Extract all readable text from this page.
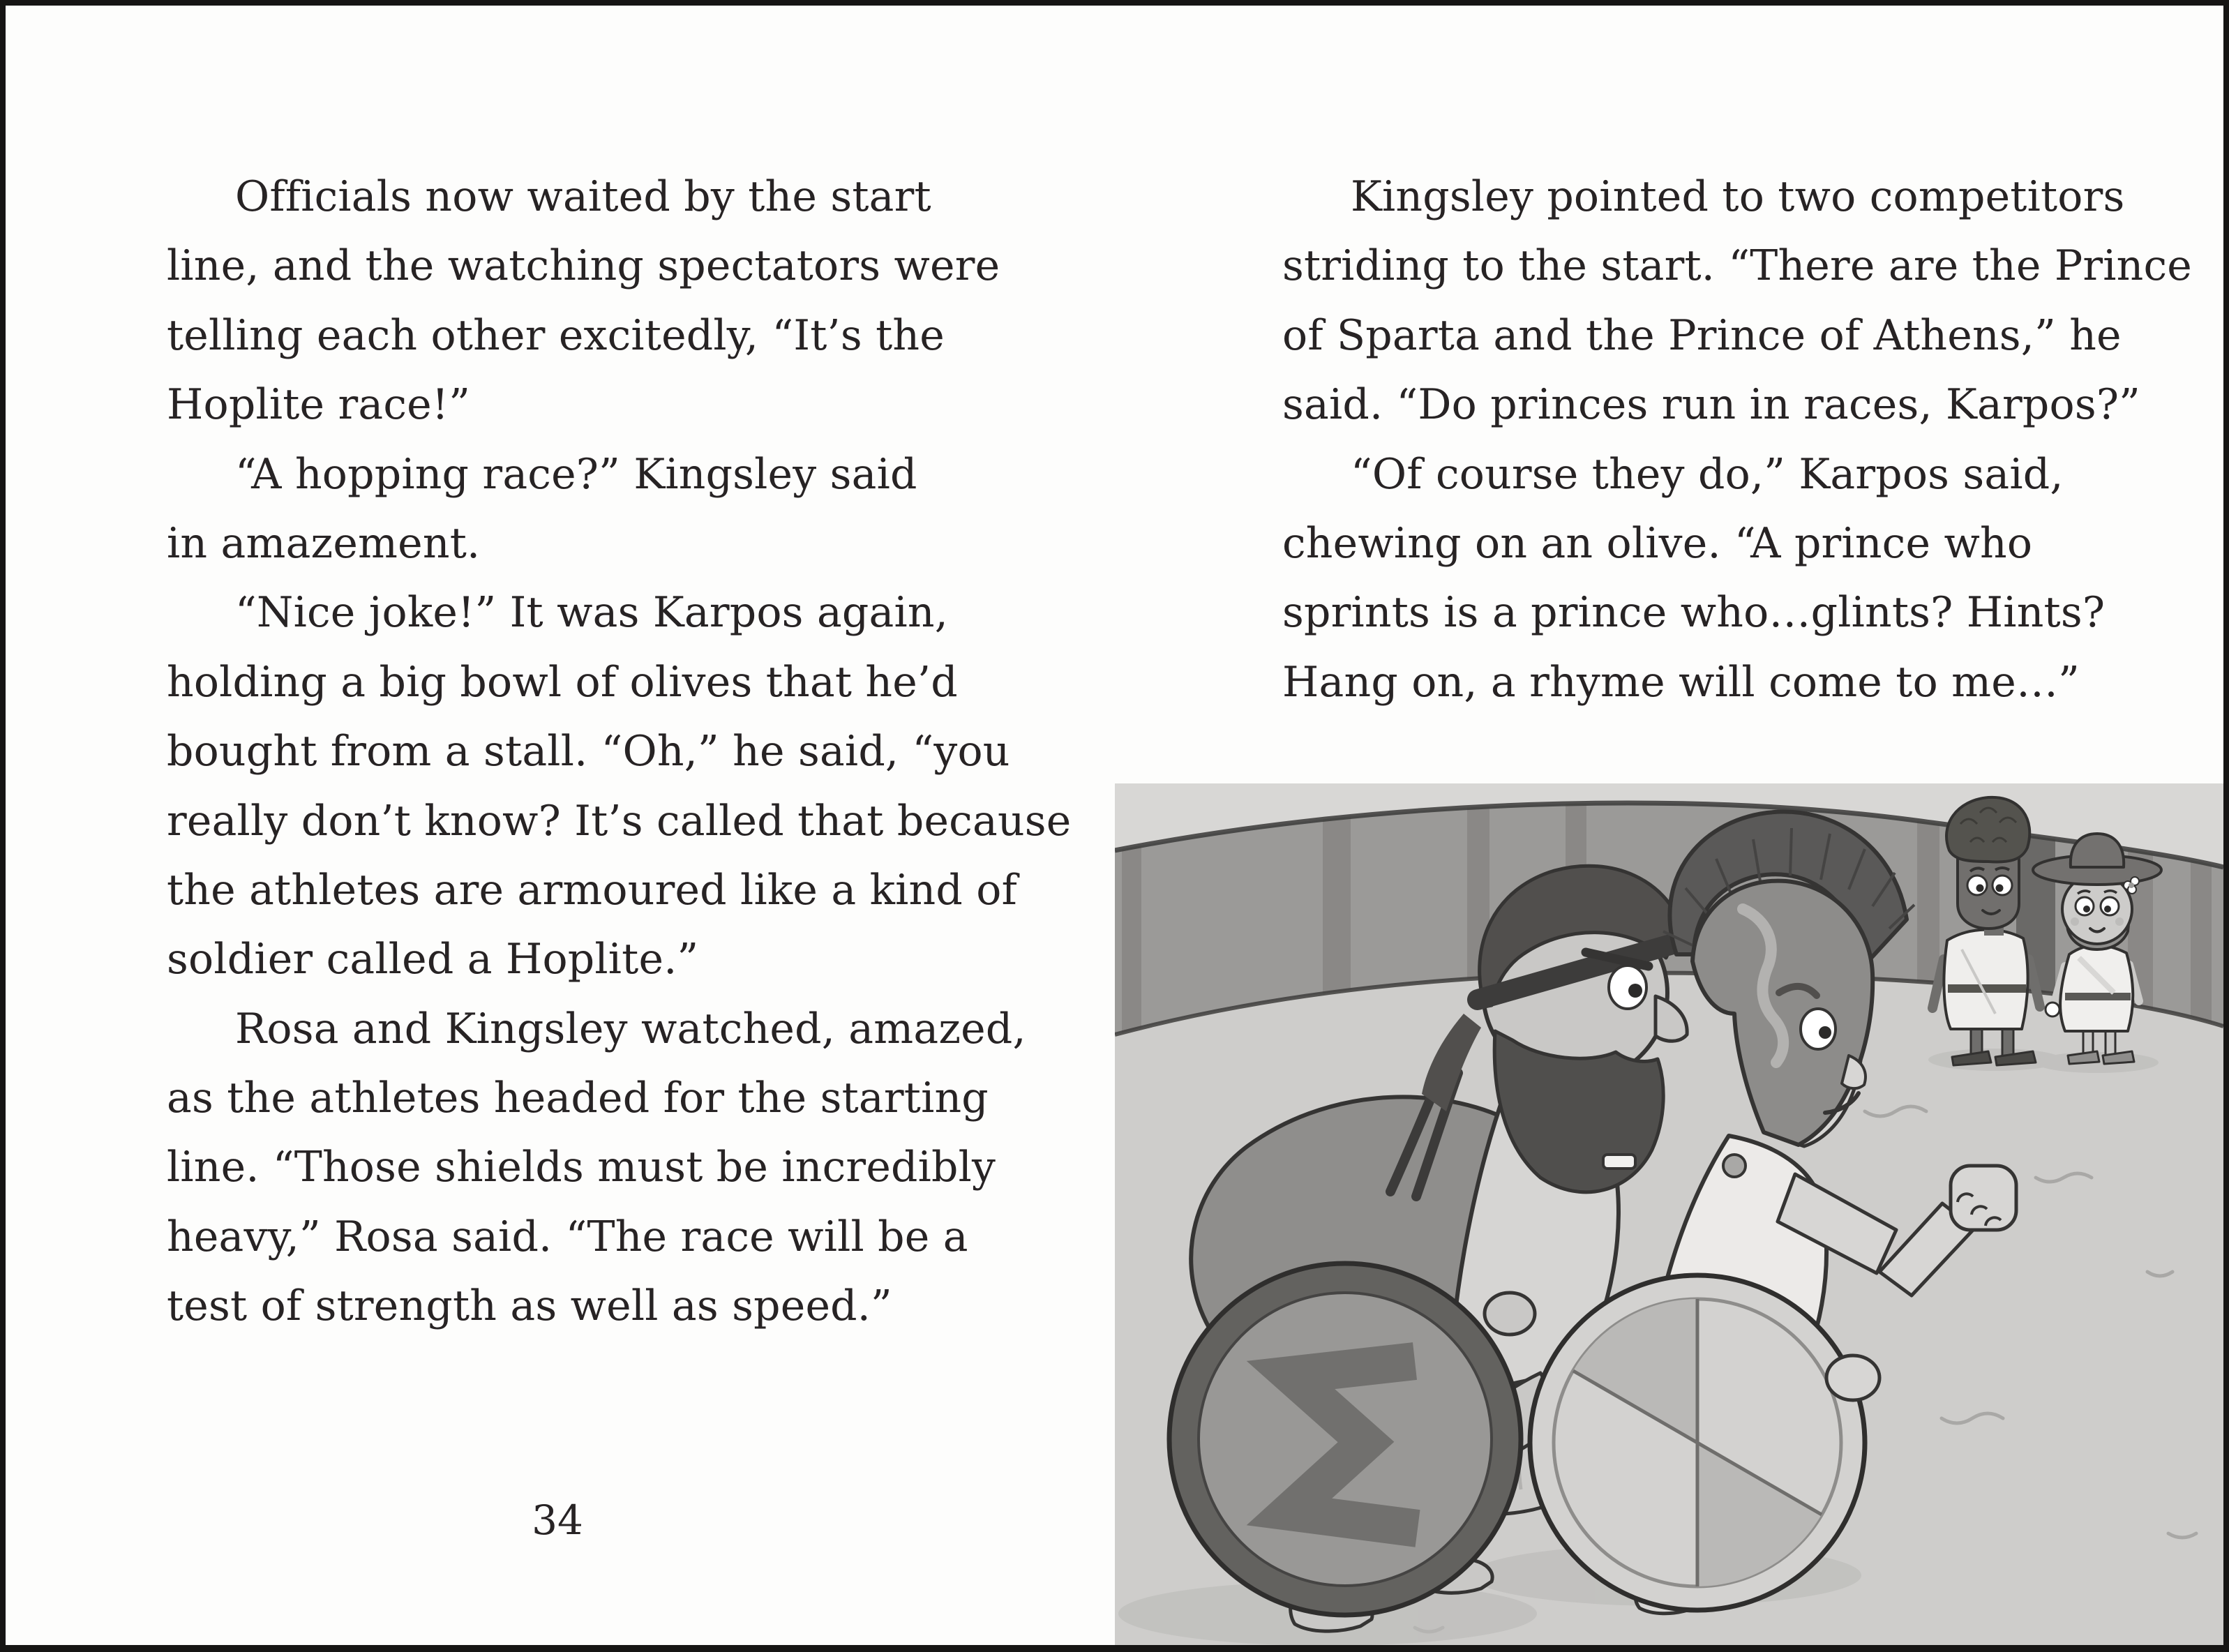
Officials now waited by the start
line, and the watching spectators were
telling each other excitedly, “It’s the
Hoplite race!”
“A hopping race?” Kingsley said
in amazement.
“Nice joke!” It was Karpos again,
holding a big bowl of olives that he’d
bought from a stall. “Oh,” he said, “you
really don’t know? It’s called that because
the athletes are armoured like a kind of
soldier called a Hoplite.”
Rosa and Kingsley watched, amazed,
as the athletes headed for the starting
line. “Those shields must be incredibly
heavy,” Rosa said. “The race will be a
test of strength as well as speed.”
Kingsley pointed to two competitors
striding to the start. “There are the Prince
of Sparta and the Prince of Athens,” he
said. “Do princes run in races, Karpos?”
“Of course they do,” Karpos said,
chewing on an olive. “A prince who
sprints is a prince who…glints? Hints?
Hang on, a rhyme will come to me…”
34
